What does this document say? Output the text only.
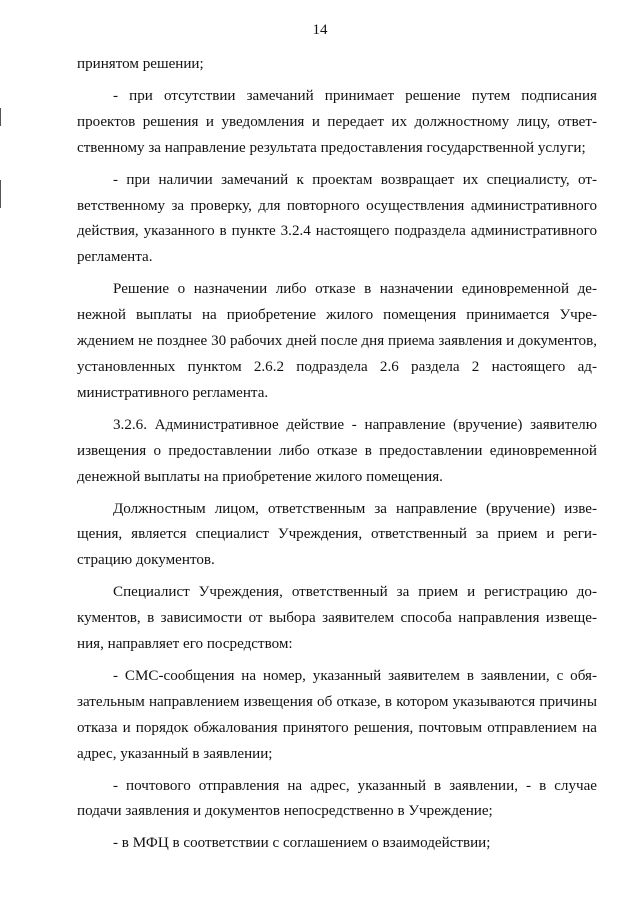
14

принятом решении;

- при отсутствии замечаний принимает решение путем подписания проектов решения и уведомления и передает их должностному лицу, ответственному за направление результата предоставления государственной услуги;

- при наличии замечаний к проектам возвращает их специалисту, ответственному за проверку, для повторного осуществления административного действия, указанного в пункте 3.2.4 настоящего подраздела административного регламента.

Решение о назначении либо отказе в назначении единовременной денежной выплаты на приобретение жилого помещения принимается Учреждением не позднее 30 рабочих дней после дня приема заявления и документов, установленных пунктом 2.6.2 подраздела 2.6 раздела 2 настоящего административного регламента.

3.2.6. Административное действие - направление (вручение) заявителю извещения о предоставлении либо отказе в предоставлении единовременной денежной выплаты на приобретение жилого помещения.

Должностным лицом, ответственным за направление (вручение) извещения, является специалист Учреждения, ответственный за прием и регистрацию документов.

Специалист Учреждения, ответственный за прием и регистрацию документов, в зависимости от выбора заявителем способа направления извещения, направляет его посредством:

- СМС-сообщения на номер, указанный заявителем в заявлении, с обязательным направлением извещения об отказе, в котором указываются причины отказа и порядок обжалования принятого решения, почтовым отправлением на адрес, указанный в заявлении;

- почтового отправления на адрес, указанный в заявлении, - в случае подачи заявления и документов непосредственно в Учреждение;

- в МФЦ в соответствии с соглашением о взаимодействии;
